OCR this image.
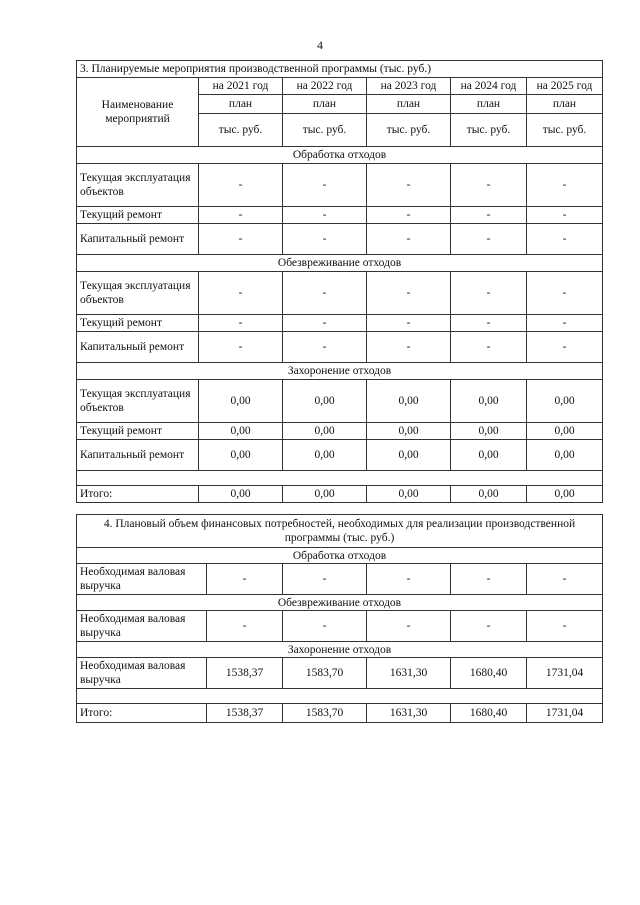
4
3. Планируемые мероприятия производственной программы (тыс. руб.)					
Наименование мероприятий	на 2021 год	на 2022 год	на 2023 год	на 2024 год	на 2025 год
	план	план	план	план	план
	тыс. руб.	тыс. руб.	тыс. руб.	тыс. руб.	тыс. руб.
Обработка отходов					
Текущая эксплуатация объектов	-	-	-	-	-
Текущий ремонт	-	-	-	-	-
Капитальный ремонт	-	-	-	-	-
Обезвреживание отходов					
Текущая эксплуатация объектов	-	-	-	-	-
Текущий ремонт	-	-	-	-	-
Капитальный ремонт	-	-	-	-	-
Захоронение отходов					
Текущая эксплуатация объектов	0,00	0,00	0,00	0,00	0,00
Текущий ремонт	0,00	0,00	0,00	0,00	0,00
Капитальный ремонт	0,00	0,00	0,00	0,00	0,00

Итого:	0,00	0,00	0,00	0,00	0,00
4. Плановый объем финансовых потребностей, необходимых для реализации производственной программы (тыс. руб.)					
Обработка отходов					
Необходимая валовая выручка	-	-	-	-	-
Обезвреживание отходов					
Необходимая валовая выручка	-	-	-	-	-
Захоронение отходов					
Необходимая валовая выручка	1538,37	1583,70	1631,30	1680,40	1731,04

Итого:	1538,37	1583,70	1631,30	1680,40	1731,04
